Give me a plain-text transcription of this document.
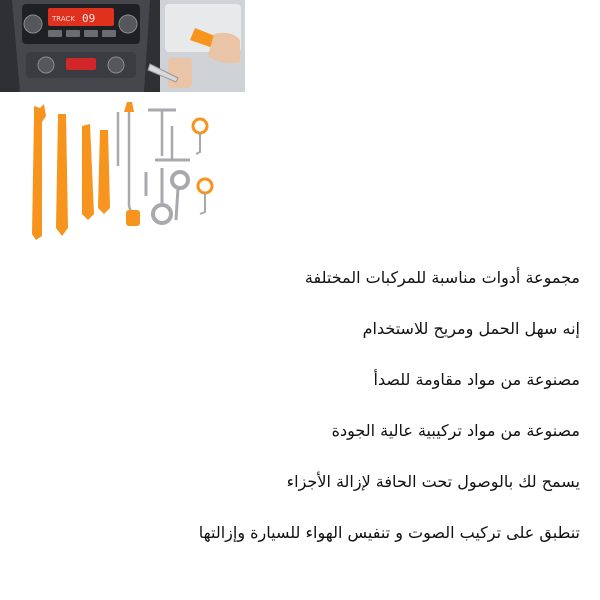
TRACK 09
مجموعة أدوات مناسبة للمركبات المختلفة
إنه سهل الحمل ومريح للاستخدام
مصنوعة من مواد مقاومة للصدأ
مصنوعة من مواد تركيبية عالية الجودة
يسمح لك بالوصول تحت الحافة لإزالة الأجزاء
تنطبق على تركيب الصوت و تنفيس الهواء للسيارة وإزالتها
